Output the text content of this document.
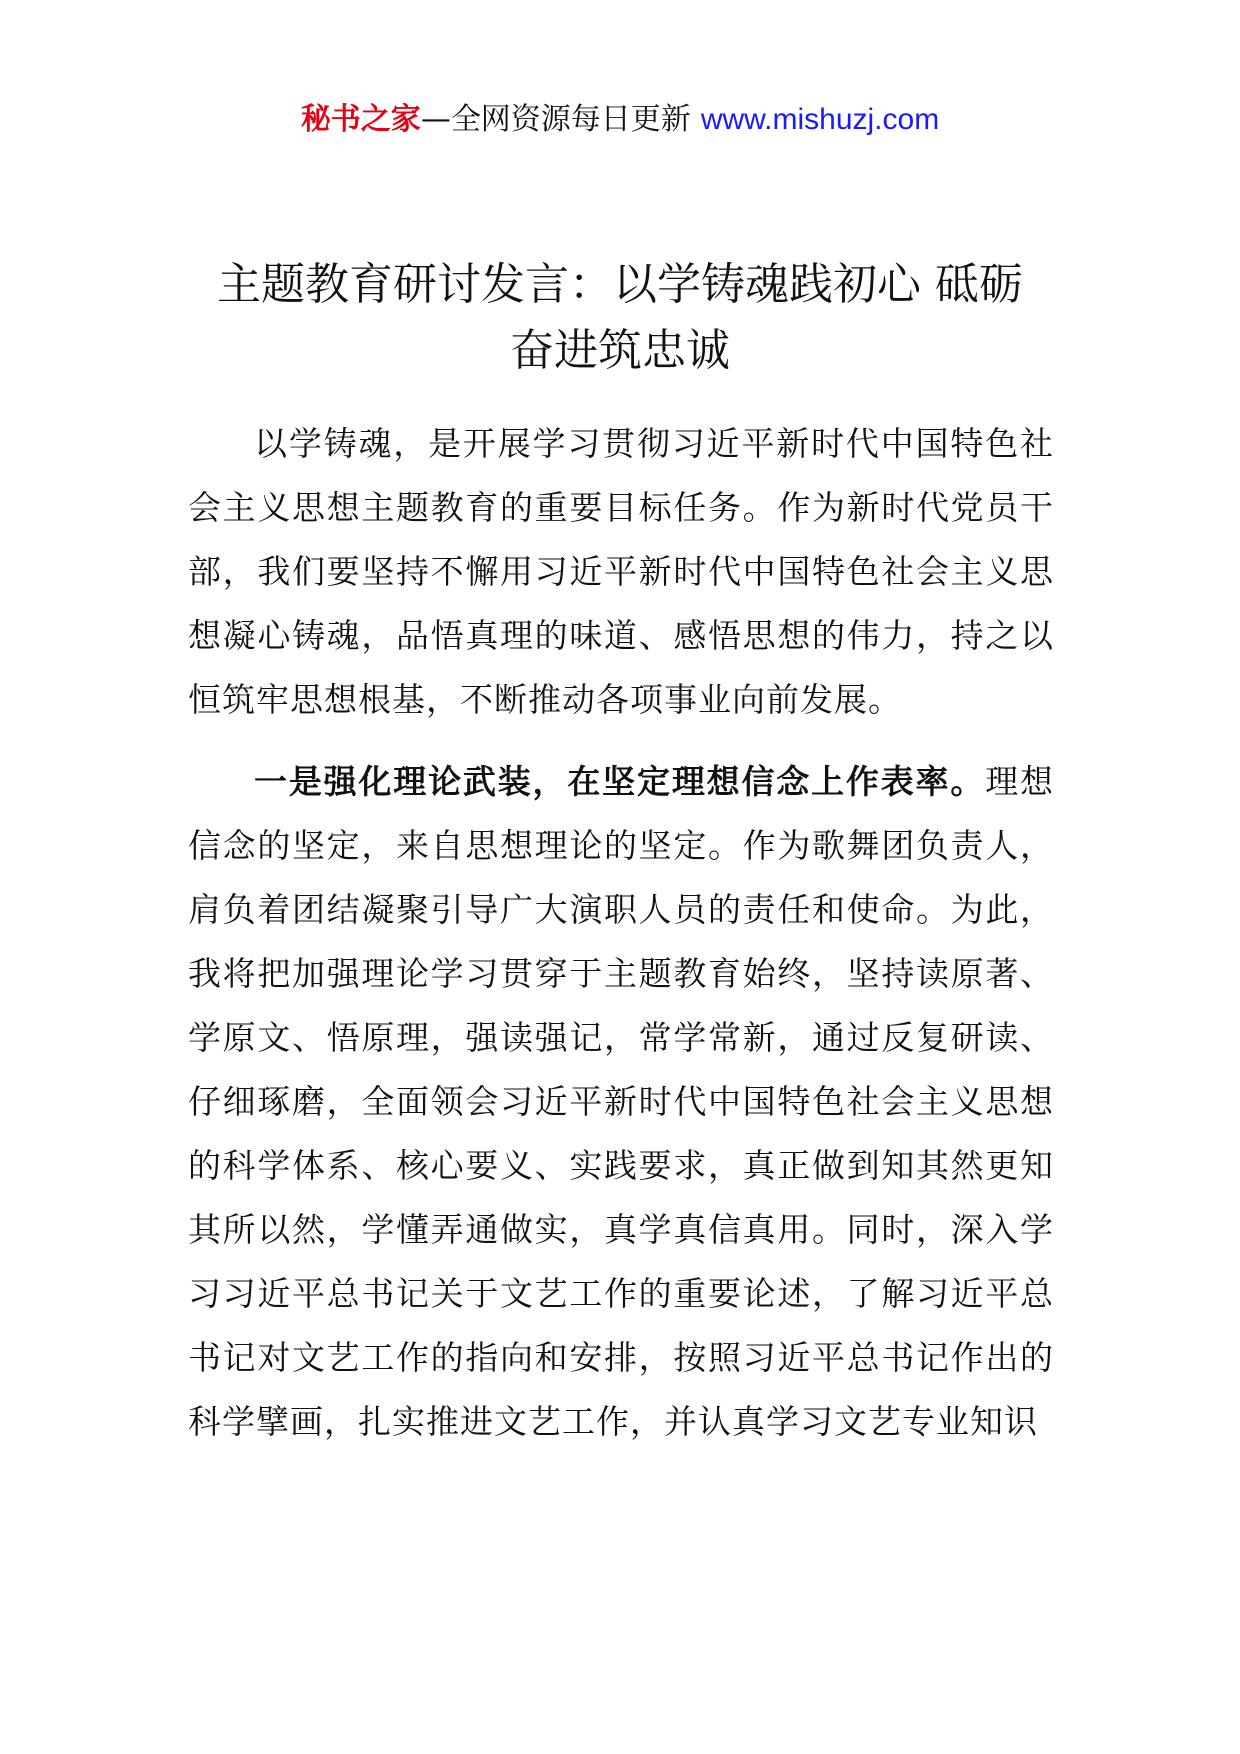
秘书之家—全网资源每日更新 www.mishuzj.com
主题教育研讨发言：以学铸魂践初心 砥砺
奋进筑忠诚

以学铸魂，是开展学习贯彻习近平新时代中国特色社会主义思想主题教育的重要目标任务。作为新时代党员干部，我们要坚持不懈用习近平新时代中国特色社会主义思想凝心铸魂，品悟真理的味道、感悟思想的伟力，持之以恒筑牢思想根基，不断推动各项事业向前发展。

一是强化理论武装，在坚定理想信念上作表率。理想信念的坚定，来自思想理论的坚定。作为歌舞团负责人，肩负着团结凝聚引导广大演职人员的责任和使命。为此，我将把加强理论学习贯穿于主题教育始终，坚持读原著、学原文、悟原理，强读强记，常学常新，通过反复研读、仔细琢磨，全面领会习近平新时代中国特色社会主义思想的科学体系、核心要义、实践要求，真正做到知其然更知其所以然，学懂弄通做实，真学真信真用。同时，深入学习习近平总书记关于文艺工作的重要论述，了解习近平总书记对文艺工作的指向和安排，按照习近平总书记作出的科学擘画，扎实推进文艺工作，并认真学习文艺专业知识
